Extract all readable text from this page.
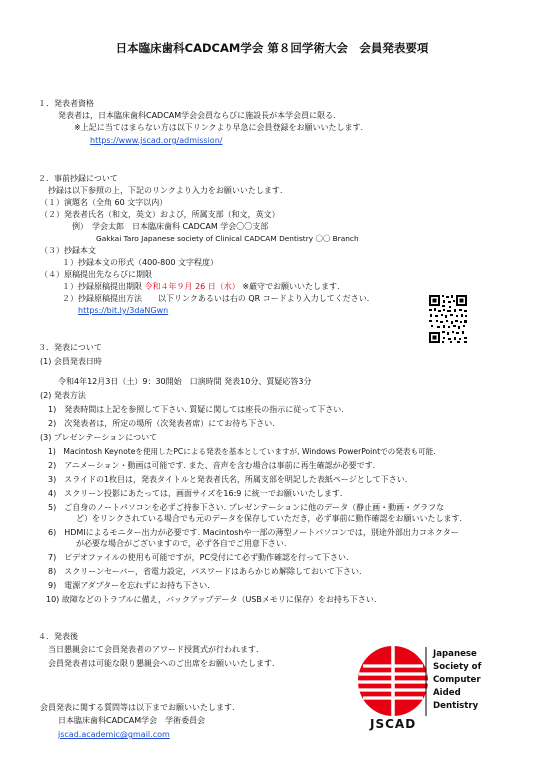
日本臨床歯科CADCAM学会 第８回学術大会　会員発表要項
１．発表者資格
発表者は，日本臨床歯科CADCAM学会会員ならびに施設長が本学会員に限る.
※上記に当てはまらない方は以下リンクより早急に会員登録をお願いいたします.
https://www.jscad.org/admission/
２．事前抄録について
抄録は以下参照の上，下記のリンクより入力をお願いいたします.
（１）演題名（全角 60 文字以内）
（２）発表者氏名（和文，英文）および，所属支部（和文，英文）
例）　学会太郎　日本臨床歯科 CADCAM 学会〇〇支部
Gakkai Taro Japanese society of Clinical CADCAM Dentistry 〇〇 Branch
（３）抄録本文
１）抄録本文の形式（400-800 文字程度）
（４）原稿提出先ならびに期限
１）抄録原稿提出期限 令和４年９月 26 日（水） ※厳守でお願いいたします.
２）抄録原稿提出方法　　以下リンクあるいは右の QR コードより入力してください.
https://bit.ly/3daNGwn
３．発表について
(1) 会員発表日時
令和4年12月3日（土）9：30開始　口演時間 発表10分、質疑応答3分
(2) 発表方法
1)　発表時間は上記を参照して下さい. 質疑に関しては座長の指示に従って下さい.
2)　次発表者は，所定の場所（次発表者席）にてお待ち下さい.
(3) プレゼンテーションについて
1)　Macintosh Keynoteを使用したPCによる発表を基本としていますが, Windows PowerPointでの発表も可能.
2)　アニメーション・動画は可能です. また、音声を含む場合は事前に再生確認が必要です.
3)　スライドの1枚目は，発表タイトルと発表者氏名，所属支部を明記した表紙ページとして下さい.
4)　スクリーン投影にあたっては，画面サイズを16:9 に統一でお願いいたします.
5)　ご自身のノートパソコンを必ずご持参下さい. プレゼンテーションに他のデータ（静止画・動画・グラフな
ど）をリンクされている場合でも元のデータを保存していただき，必ず事前に動作確認をお願いいたします.
6)　HDMIによるモニター出力が必要です. Macintoshや一部の薄型ノートパソコンでは，別途外部出力コネクター
が必要な場合がございますので，必ず各自でご用意下さい.
7)　ビデオファイルの使用も可能ですが，PC受付にて必ず動作確認を行って下さい.
8)　スクリーンセーバー，省電力設定，パスワードはあらかじめ解除しておいて下さい.
9)　電源アダプターを忘れずにお持ち下さい.
10) 故障などのトラブルに備え，バックアップデータ（USBメモリに保存）をお持ち下さい.
４．発表後
当日懇親会にて会員発表者のアワード授賞式が行われます.
会員発表者は可能な限り懇親会へのご出席をお願いいたします.
会員発表に関する質問等は以下までお願いいたします.
日本臨床歯科CADCAM学会　学術委員会
jscad.academic@gmail.com
Japanese
Society of
Computer
Aided
Dentistry
JSCAD
